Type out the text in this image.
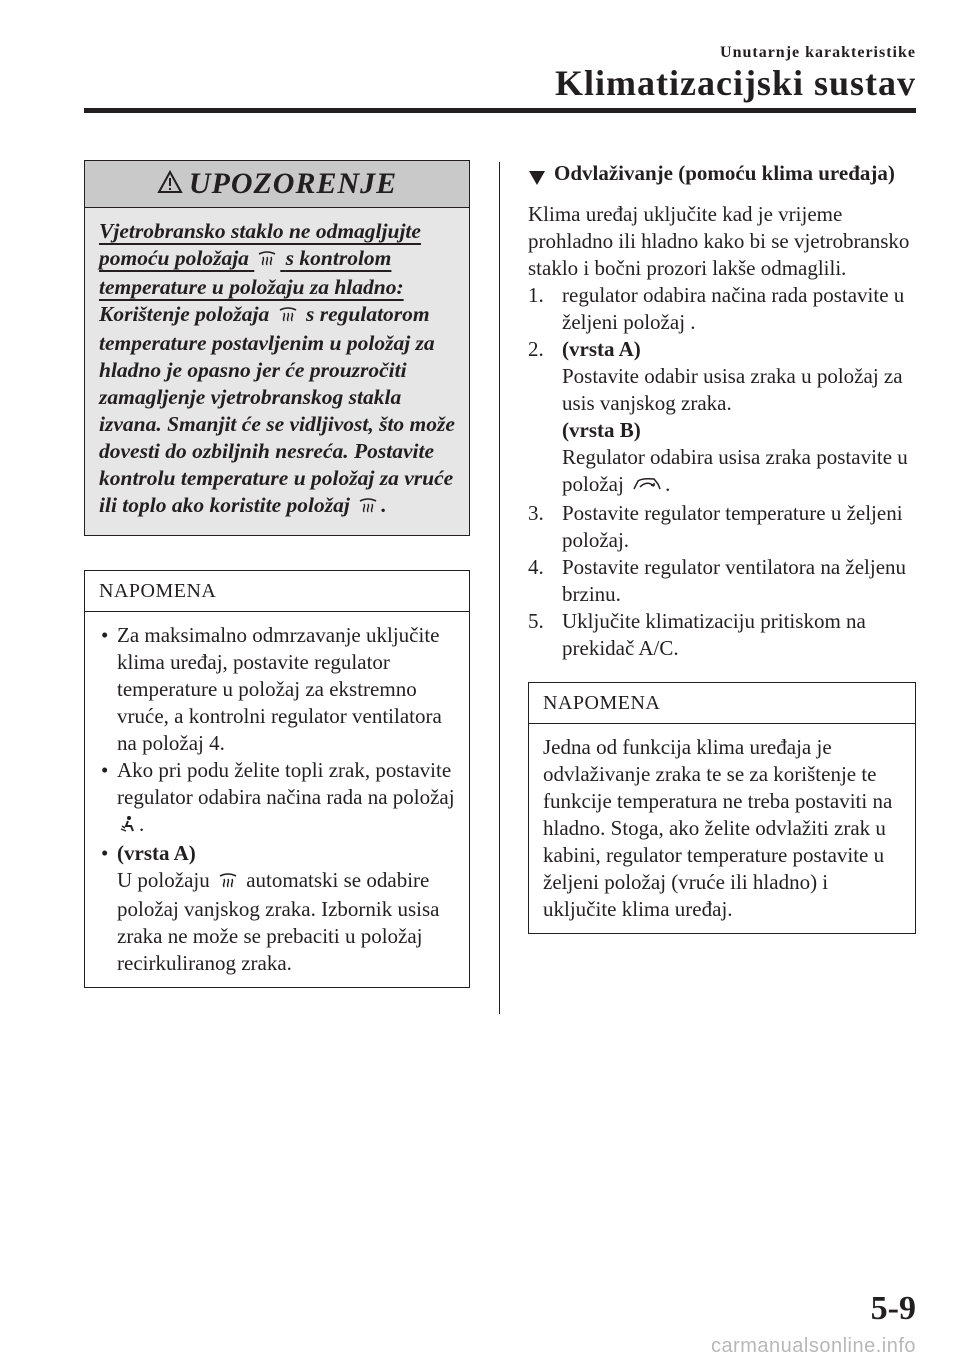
Unutarnje karakteristike
Klimatizacijski sustav
UPOZORENJE
Vjetrobransko staklo ne odmagljujte pomoću položaja s kontrolom temperature u položaju za hladno:
Korištenje položaja s regulatorom temperature postavljenim u položaj za hladno je opasno jer će prouzročiti zamagljenje vjetrobranskog stakla izvana. Smanjit će se vidljivost, što može dovesti do ozbiljnih nesreća. Postavite kontrolu temperature u položaj za vruće ili toplo ako koristite položaj .
NAPOMENA
• Za maksimalno odmrzavanje uključite klima uređaj, postavite regulator temperature u položaj za ekstremno vruće, a kontrolni regulator ventilatora na položaj 4.
• Ako pri podu želite topli zrak, postavite regulator odabira načina rada na položaj .
• (vrsta A)
U položaju automatski se odabire položaj vanjskog zraka. Izbornik usisa zraka ne može se prebaciti u položaj recirkuliranog zraka.
Odvlaživanje (pomoću klima uređaja)
Klima uređaj uključite kad je vrijeme prohladno ili hladno kako bi se vjetrobransko staklo i bočni prozori lakše odmaglili.
1. regulator odabira načina rada postavite u željeni položaj .
2. (vrsta A)
Postavite odabir usisa zraka u položaj za usis vanjskog zraka.
(vrsta B)
Regulator odabira usisa zraka postavite u položaj .
3. Postavite regulator temperature u željeni položaj.
4. Postavite regulator ventilatora na željenu brzinu.
5. Uključite klimatizaciju pritiskom na prekidač A/C.
NAPOMENA
Jedna od funkcija klima uređaja je odvlaživanje zraka te se za korištenje te funkcije temperatura ne treba postaviti na hladno. Stoga, ako želite odvlažiti zrak u kabini, regulator temperature postavite u željeni položaj (vruće ili hladno) i uključite klima uređaj.
5-9
carmanualsonline.info
